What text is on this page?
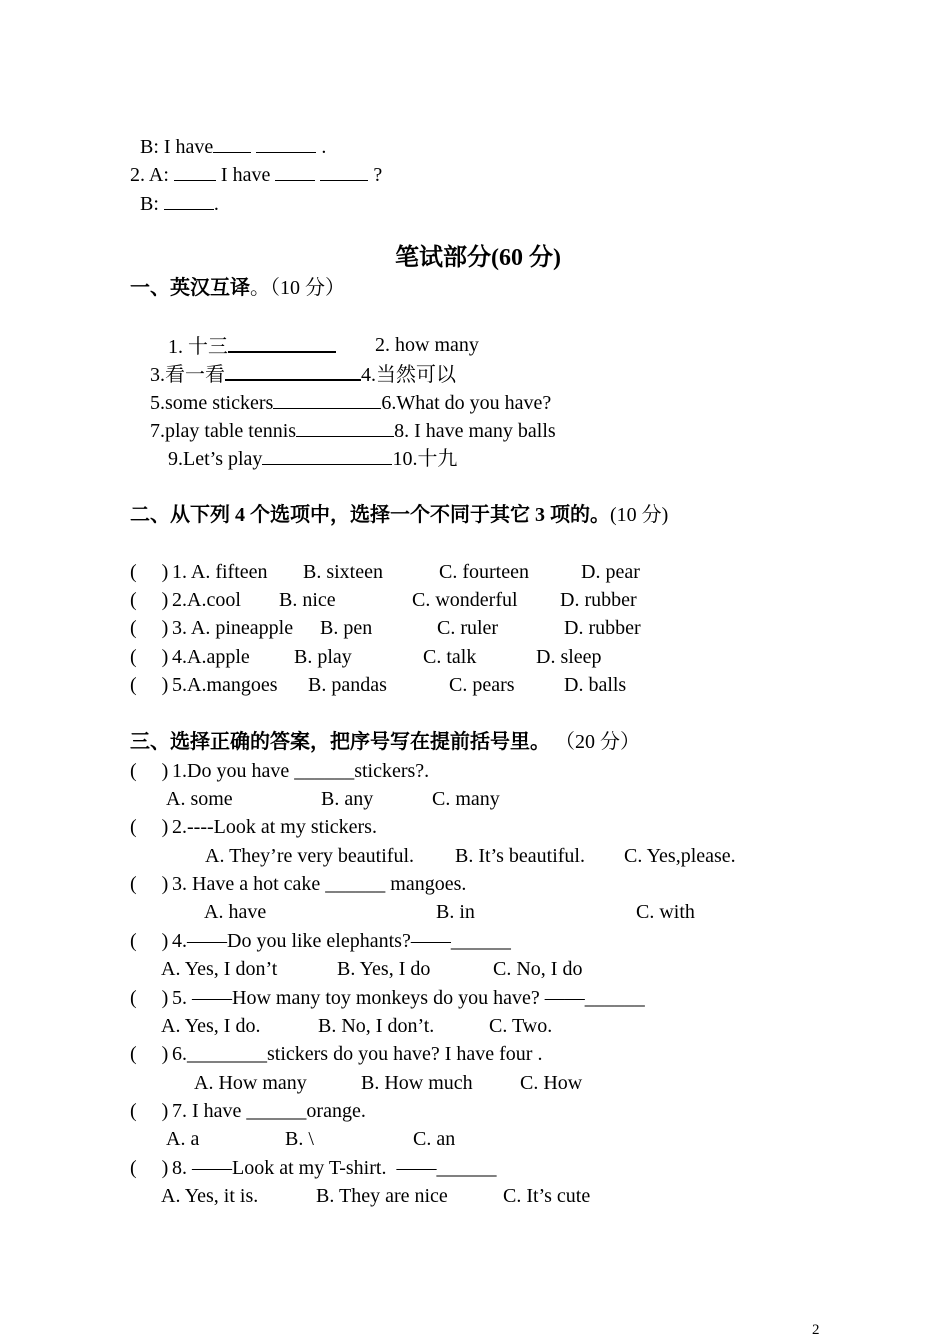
B: I have	.
2. A:  I have	?
B:	.
笔试部分(60 分)
一、英汉互译。（10 分）
1. 十三	2. how many
3.看一看	4.当然可以
5.some stickers	6.What do you have?
7.play table tennis	8. I have many balls
9.Let’s play	10.十九
二、从下列 4 个选项中，选择一个不同于其它 3 项的。(10 分)
(     ) 1. A. fifteen B. sixteen	C. fourteen	D. pear
(     ) 2.A.cool B. nice	C. wonderful D. rubber
(     ) 3. A. pineapple B. pen	C. ruler	D. rubber
(     ) 4.A.apple B. play	C. talk	D. sleep
(     ) 5.A.mangoes B. pandas	C. pears D. balls
三、选择正确的答案，把序号写在提前括号里。 （20 分）
(     ) 1.Do you have ______stickers?.
A. some	B. any	C. many
(     ) 2.----Look at my stickers.
A. They’re very beautiful. B. It’s beautiful. C. Yes,please.
(     ) 3. Have a hot cake ______ mangoes.
A. have	B. in	C. with
(     ) 4.——Do you like elephants?——______
A. Yes, I don’t	B. Yes, I do	C. No, I do
(     ) 5. ——How many toy monkeys do you have? ——______
A. Yes, I do.	B. No, I don’t.	C. Two.
(     ) 6.________stickers do you have? I have four .
A. How many	B. How much C. How
(     ) 7. I have ______orange.
A. a	B. \	C. an
(     ) 8. ——Look at my T-shirt.  ——______
A. Yes, it is.	B. They are nice	C. It’s cute
2
